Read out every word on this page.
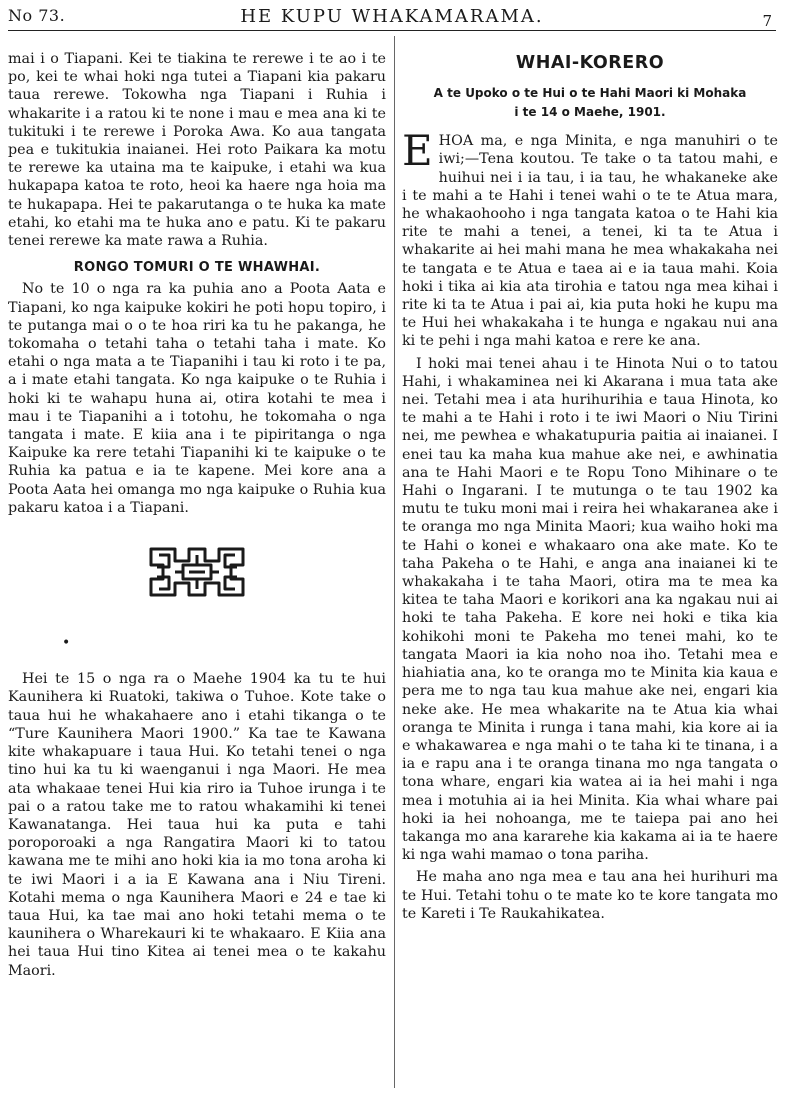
No 73.	HE KUPU WHAKAMARAMA.	7

mai i o Tiapani. Kei te tiakina te rerewe i te ao i te po, kei te whai hoki nga tutei a Tiapani kia pakaru taua rerewe. Tokowha nga Tiapani i Ruhia i whakarite i a ratou ki te none i mau e mea ana ki te tukituki i te rerewe i Poroka Awa. Ko aua tangata pea e tukitukia inaianei. Hei roto Paikara ka motu te rerewe ka utaina ma te kaipuke, i etahi wa kua hukapapa katoa te roto, heoi ka haere nga hoia ma te hukapapa. Hei te pakarutanga o te huka ka mate etahi, ko etahi ma te huka ano e patu. Ki te pakaru tenei rerewe ka mate rawa a Ruhia.

RONGO TOMURI O TE WHAWHAI.

No te 10 o nga ra ka puhia ano a Poota Aata e Tiapani, ko nga kaipuke kokiri he poti hopu topiro, i te putanga mai o o te hoa riri ka tu he pakanga, he tokomaha o tetahi taha o tetahi taha i mate. Ko etahi o nga mata a te Tiapanihi i tau ki roto i te pa, a i mate etahi tangata. Ko nga kaipuke o te Ruhia i hoki ki te wahapu huna ai, otira kotahi te mea i mau i te Tiapanihi a i totohu, he tokomaha o nga tangata i mate. E kiia ana i te pipiritanga o nga Kaipuke ka rere tetahi Tiapanihi ki te kaipuke o te Ruhia ka patua e ia te kapene. Mei kore ana a Poota Aata hei omanga mo nga kaipuke o Ruhia kua pakaru katoa i a Tiapani.

•

Hei te 15 o nga ra o Maehe 1904 ka tu te hui Kaunihera ki Ruatoki, takiwa o Tuhoe. Kote take o taua hui he whakahaere ano i etahi tikanga o te “Ture Kaunihera Maori 1900.” Ka tae te Kawana kite whakapuare i taua Hui. Ko tetahi tenei o nga tino hui ka tu ki waenganui i nga Maori. He mea ata whakaae tenei Hui kia riro ia Tuhoe irunga i te pai o a ratou take me to ratou whakamihi ki tenei Kawanatanga. Hei taua hui ka puta e tahi poroporoaki a nga Rangatira Maori ki to tatou kawana me te mihi ano hoki kia ia mo tona aroha ki te iwi Maori i a ia E Kawana ana i Niu Tireni. Kotahi mema o nga Kaunihera Maori e 24 e tae ki taua Hui, ka tae mai ano hoki tetahi mema o te kaunihera o Wharekauri ki te whakaaro. E Kiia ana hei taua Hui tino Kitea ai tenei mea o te kakahu Maori.

WHAI-KORERO
A te Upoko o te Hui o te Hahi Maori ki Mohaka
i te 14 o Maehe, 1901.

EHOA ma, e nga Minita, e nga manuhiri o te iwi;—Tena koutou. Te take o ta tatou mahi, e huihui nei i ia tau, i ia tau, he whakaneke ake i te mahi a te Hahi i tenei wahi o te te Atua mara, he whakaohooho i nga tangata katoa o te Hahi kia rite te mahi a tenei, a tenei, ki ta te Atua i whakarite ai hei mahi mana he mea whakakaha nei te tangata e te Atua e taea ai e ia taua mahi. Koia hoki i tika ai kia ata tirohia e tatou nga mea kihai i rite ki ta te Atua i pai ai, kia puta hoki he kupu ma te Hui hei whakakaha i te hunga e ngakau nui ana ki te pehi i nga mahi katoa e rere ke ana.

I hoki mai tenei ahau i te Hinota Nui o to tatou Hahi, i whakaminea nei ki Akarana i mua tata ake nei. Tetahi mea i ata hurihurihia e taua Hinota, ko te mahi a te Hahi i roto i te iwi Maori o Niu Tirini nei, me pewhea e whakatupuria paitia ai inaianei. I enei tau ka maha kua mahue ake nei, e awhinatia ana te Hahi Maori e te Ropu Tono Mihinare o te Hahi o Ingarani. I te mutunga o te tau 1902 ka mutu te tuku moni mai i reira hei whakaranea ake i te oranga mo nga Minita Maori; kua waiho hoki ma te Hahi o konei e whakaaro ona ake mate. Ko te taha Pakeha o te Hahi, e anga ana inaianei ki te whakakaha i te taha Maori, otira ma te mea ka kitea te taha Maori e korikori ana ka ngakau nui ai hoki te taha Pakeha. E kore nei hoki e tika kia kohikohi moni te Pakeha mo tenei mahi, ko te tangata Maori ia kia noho noa iho. Tetahi mea e hiahiatia ana, ko te oranga mo te Minita kia kaua e pera me to nga tau kua mahue ake nei, engari kia neke ake. He mea whakarite na te Atua kia whai oranga te Minita i runga i tana mahi, kia kore ai ia e whakawarea e nga mahi o te taha ki te tinana, i a ia e rapu ana i te oranga tinana mo nga tangata o tona whare, engari kia watea ai ia hei mahi i nga mea i motuhia ai ia hei Minita. Kia whai whare pai hoki ia hei nohoanga, me te taiepa pai ano hei takanga mo ana kararehe kia kakama ai ia te haere ki nga wahi mamao o tona pariha.

He maha ano nga mea e tau ana hei hurihuri ma te Hui. Tetahi tohu o te mate ko te kore tangata mo te Kareti i Te Raukahikatea.
